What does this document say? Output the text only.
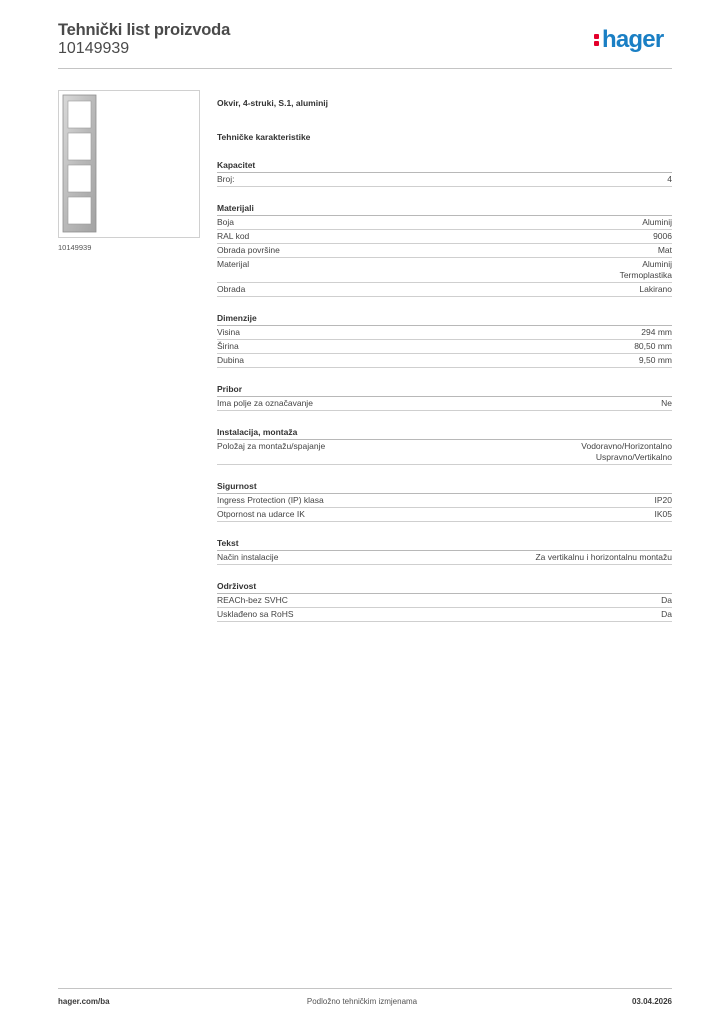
Tehnički list proizvoda
10149939	hager
10149939
Okvir, 4-struki, S.1, aluminij
Tehničke karakteristike
Kapacitet
Broj:	4
Materijali
Boja	Aluminij
RAL kod	9006
Obrada površine	Mat
Materijal	Aluminij
Termoplastika
Obrada	Lakirano
Dimenzije
Visina	294 mm
Širina	80,50 mm
Dubina	9,50 mm
Pribor
Ima polje za označavanje	Ne
Instalacija, montaža
Položaj za montažu/spajanje	Vodoravno/Horizontalno
Uspravno/Vertikalno
Sigurnost
Ingress Protection (IP) klasa	IP20
Otpornost na udarce IK	IK05
Tekst
Način instalacije	Za vertikalnu i horizontalnu montažu
Održivost
REACh-bez SVHC	Da
Usklađeno sa RoHS	Da
hager.com/ba	Podložno tehničkim izmjenama	03.04.2026
